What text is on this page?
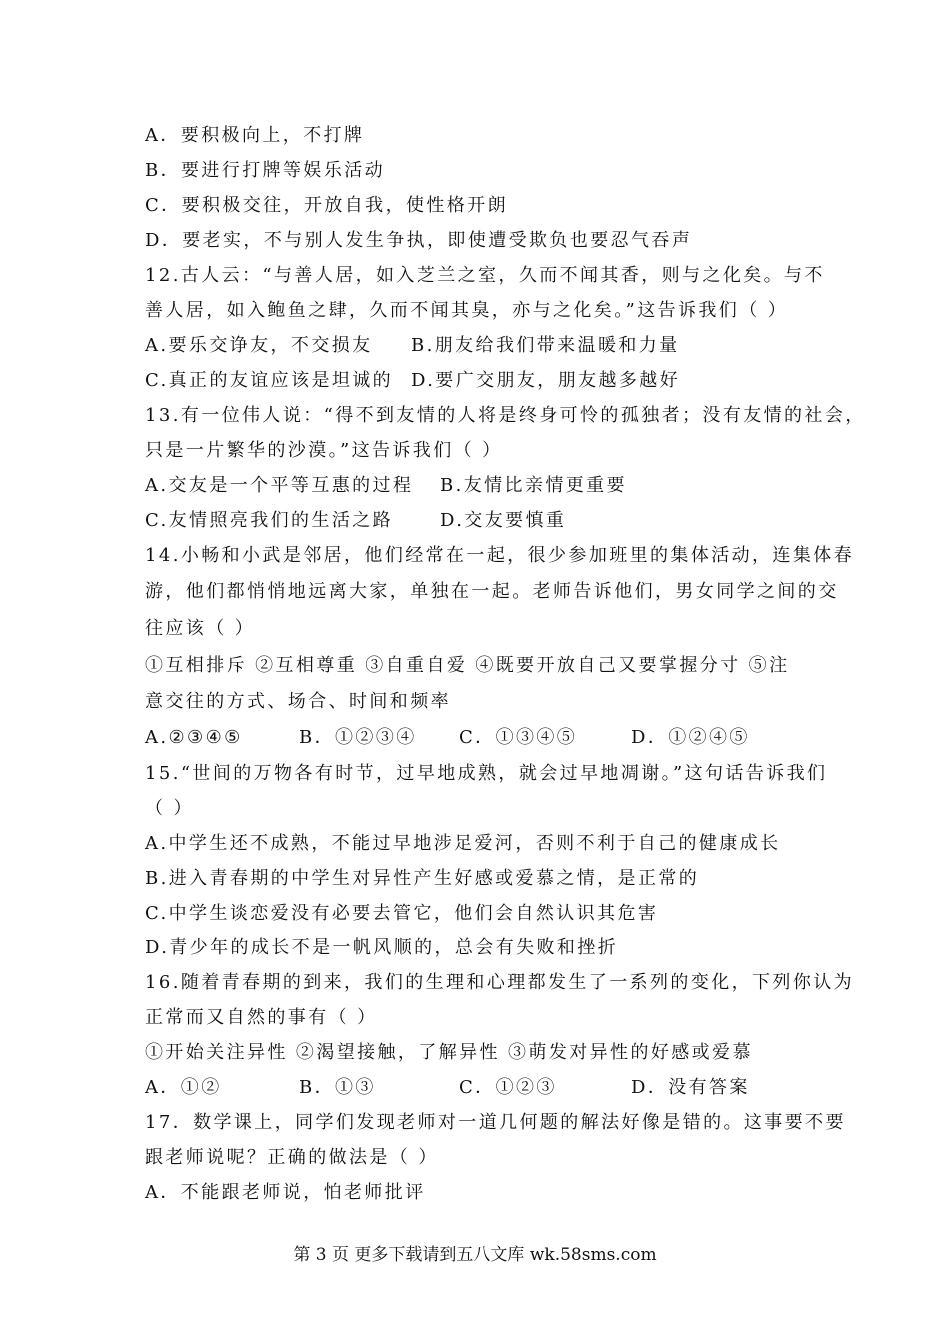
A．要积极向上，不打牌
B．要进行打牌等娱乐活动
C．要积极交往，开放自我，使性格开朗
D．要老实，不与别人发生争执，即使遭受欺负也要忍气吞声
12.古人云：“与善人居，如入芝兰之室，久而不闻其香，则与之化矣。与不
善人居，如入鲍鱼之肆，久而不闻其臭，亦与之化矣。”这告诉我们（ ）
A.要乐交诤友，不交损友 B.朋友给我们带来温暖和力量
C.真正的友谊应该是坦诚的 D.要广交朋友，朋友越多越好
13.有一位伟人说：“得不到友情的人将是终身可怜的孤独者；没有友情的社会，
只是一片繁华的沙漠。”这告诉我们（ ）
A.交友是一个平等互惠的过程 B.友情比亲情更重要
C.友情照亮我们的生活之路	D.交友要慎重
14.小畅和小武是邻居，他们经常在一起，很少参加班里的集体活动，连集体春
游，他们都悄悄地远离大家，单独在一起。老师告诉他们，男女同学之间的交
往应该（ ）
①互相排斥 ②互相尊重 ③自重自爱 ④既要开放自己又要掌握分寸 ⑤注
意交往的方式、场合、时间和频率
A.②③④⑤	B．①②③④ C．①③④⑤	D．①②④⑤
15.“世间的万物各有时节，过早地成熟，就会过早地凋谢。”这句话告诉我们
（ ）
A.中学生还不成熟，不能过早地涉足爱河，否则不利于自己的健康成长
B.进入青春期的中学生对异性产生好感或爱慕之情，是正常的
C.中学生谈恋爱没有必要去管它，他们会自然认识其危害
D.青少年的成长不是一帆风顺的，总会有失败和挫折
16.随着青春期的到来，我们的生理和心理都发生了一系列的变化，下列你认为
正常而又自然的事有（ ）
①开始关注异性 ②渴望接触，了解异性 ③萌发对异性的好感或爱慕
A．①②	B．①③	C．①②③	D．没有答案
17．数学课上，同学们发现老师对一道几何题的解法好像是错的。这事要不要
跟老师说呢？正确的做法是（ ）
A．不能跟老师说，怕老师批评
第 3 页 更多下载请到五八文库 wk.58sms.com
